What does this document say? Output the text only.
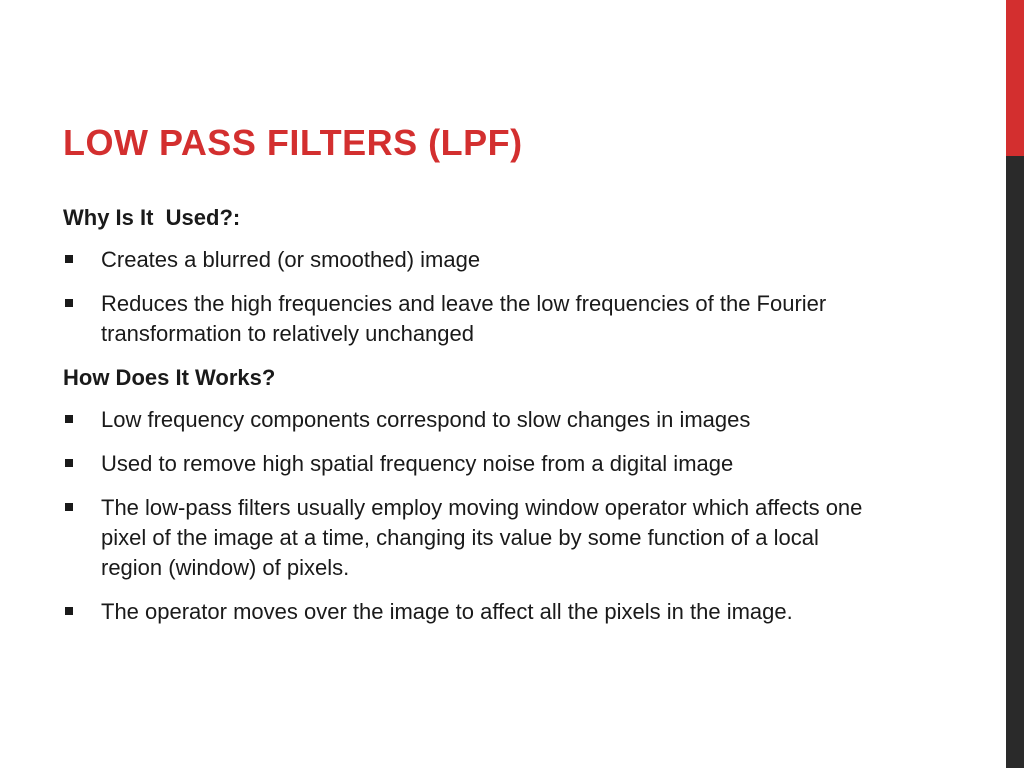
LOW PASS FILTERS (LPF)
Why Is It  Used?:
Creates a blurred (or smoothed) image
Reduces the high frequencies and leave the low frequencies of the Fourier transformation to relatively unchanged
How Does It Works?
Low frequency components correspond to slow changes in images
Used to remove high spatial frequency noise from a digital image
The low-pass filters usually employ moving window operator which affects one pixel of the image at a time, changing its value by some function of a local region (window) of pixels.
The operator moves over the image to affect all the pixels in the image.
